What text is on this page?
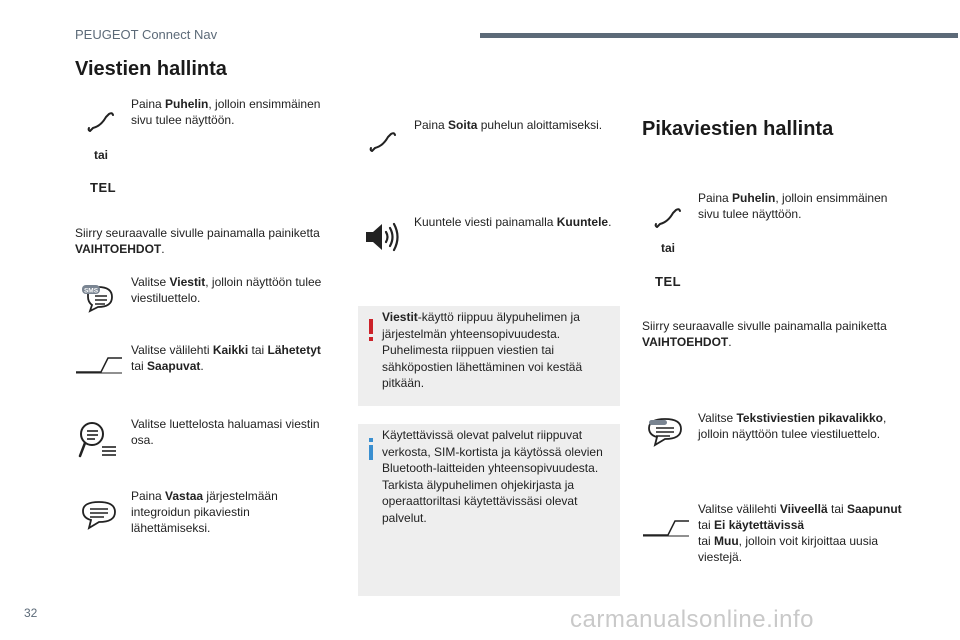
PEUGEOT Connect Nav
Viestien hallinta
Paina Puhelin, jolloin ensimmäinen sivu tulee näyttöön.
tai
TEL
Siirry seuraavalle sivulle painamalla painiketta VAIHTOEHDOT.
SMS
Valitse Viestit, jolloin näyttöön tulee viestiluettelo.
Valitse välilehti Kaikki tai Lähetetyt tai Saapuvat.
Valitse luettelosta haluamasi viestin osa.
Paina Vastaa järjestelmään integroidun pikaviestin lähettämiseksi.
Paina Soita puhelun aloittamiseksi.
Kuuntele viesti painamalla Kuuntele.
Viestit-käyttö riippuu älypuhelimen ja järjestelmän yhteensopivuudesta. Puhelimesta riippuen viestien tai sähköpostien lähettäminen voi kestää pitkään.
Käytettävissä olevat palvelut riippuvat verkosta, SIM-kortista ja käytössä olevien Bluetooth-laitteiden yhteensopivuudesta. Tarkista älypuhelimen ohjekirjasta ja operaattoriltasi käytettävissäsi olevat palvelut.
Pikaviestien hallinta
Paina Puhelin, jolloin ensimmäinen sivu tulee näyttöön.
tai
TEL
Siirry seuraavalle sivulle painamalla painiketta VAIHTOEHDOT.
Valitse Tekstiviestien pikavalikko, jolloin näyttöön tulee viestiluettelo.
Valitse välilehti Viiveellä tai Saapunut tai Ei käytettävissä
tai Muu, jolloin voit kirjoittaa uusia viestejä.
32	carmanualsonline.info
